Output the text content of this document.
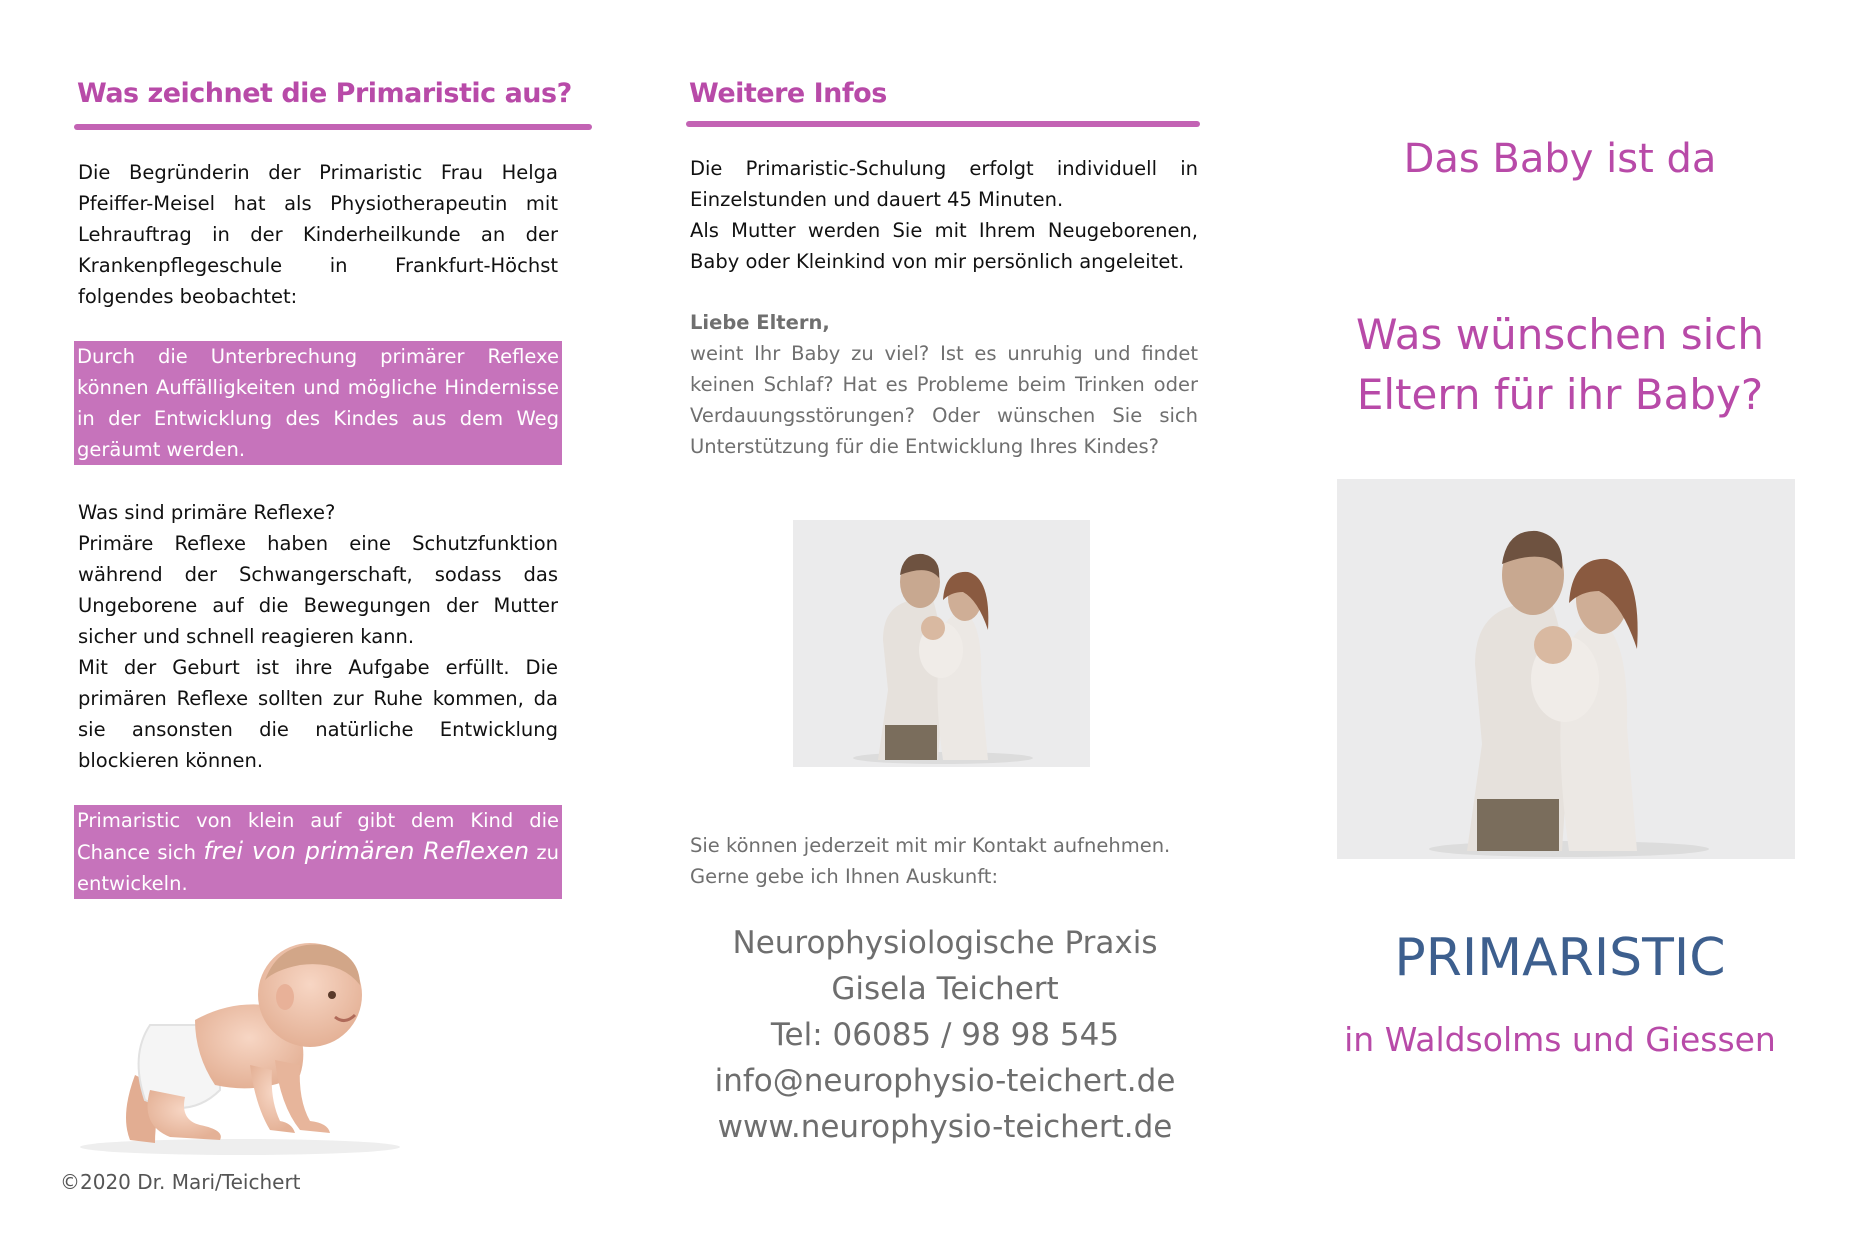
Was zeichnet die Primaristic aus?

Die Begründerin der Primaristic Frau Helga Pfeiffer-Meisel hat als Physiotherapeutin mit Lehrauftrag in der Kinderheilkunde an der Krankenpflegeschule in Frankfurt-Höchst folgendes beobachtet:

Durch die Unterbrechung primärer Reflexe können Auffälligkeiten und mögliche Hindernisse in der Entwicklung des Kindes aus dem Weg geräumt werden.

Was sind primäre Reflexe?

Primäre Reflexe haben eine Schutzfunktion während der Schwangerschaft, sodass das Ungeborene auf die Bewegungen der Mutter sicher und schnell reagieren kann.

Mit der Geburt ist ihre Aufgabe erfüllt. Die primären Reflexe sollten zur Ruhe kommen, da sie ansonsten die natürliche Entwicklung blockieren können.

Primaristic von klein auf gibt dem Kind die Chance sich frei von primären Reflexen zu entwickeln.
©2020 Dr. Mari/Teichert
Weitere Infos

Die Primaristic-Schulung erfolgt individuell in Einzelstunden und dauert 45 Minuten.

Als Mutter werden Sie mit Ihrem Neugeborenen, Baby oder Kleinkind von mir persönlich angeleitet.

Liebe Eltern,

weint Ihr Baby zu viel? Ist es unruhig und findet keinen Schlaf? Hat es Probleme beim Trinken oder Verdauungsstörungen? Oder wünschen Sie sich Unterstützung für die Entwicklung Ihres Kindes?

Sie können jederzeit mit mir Kontakt aufnehmen.

Gerne gebe ich Ihnen Auskunft:

Neurophysiologische Praxis
Gisela Teichert
Tel: 06085 / 98 98 545
info@neurophysio-teichert.de
www.neurophysio-teichert.de
Das Baby ist da
Was wünschen sich
Eltern für ihr Baby?
PRIMARISTIC
in Waldsolms und Giessen
